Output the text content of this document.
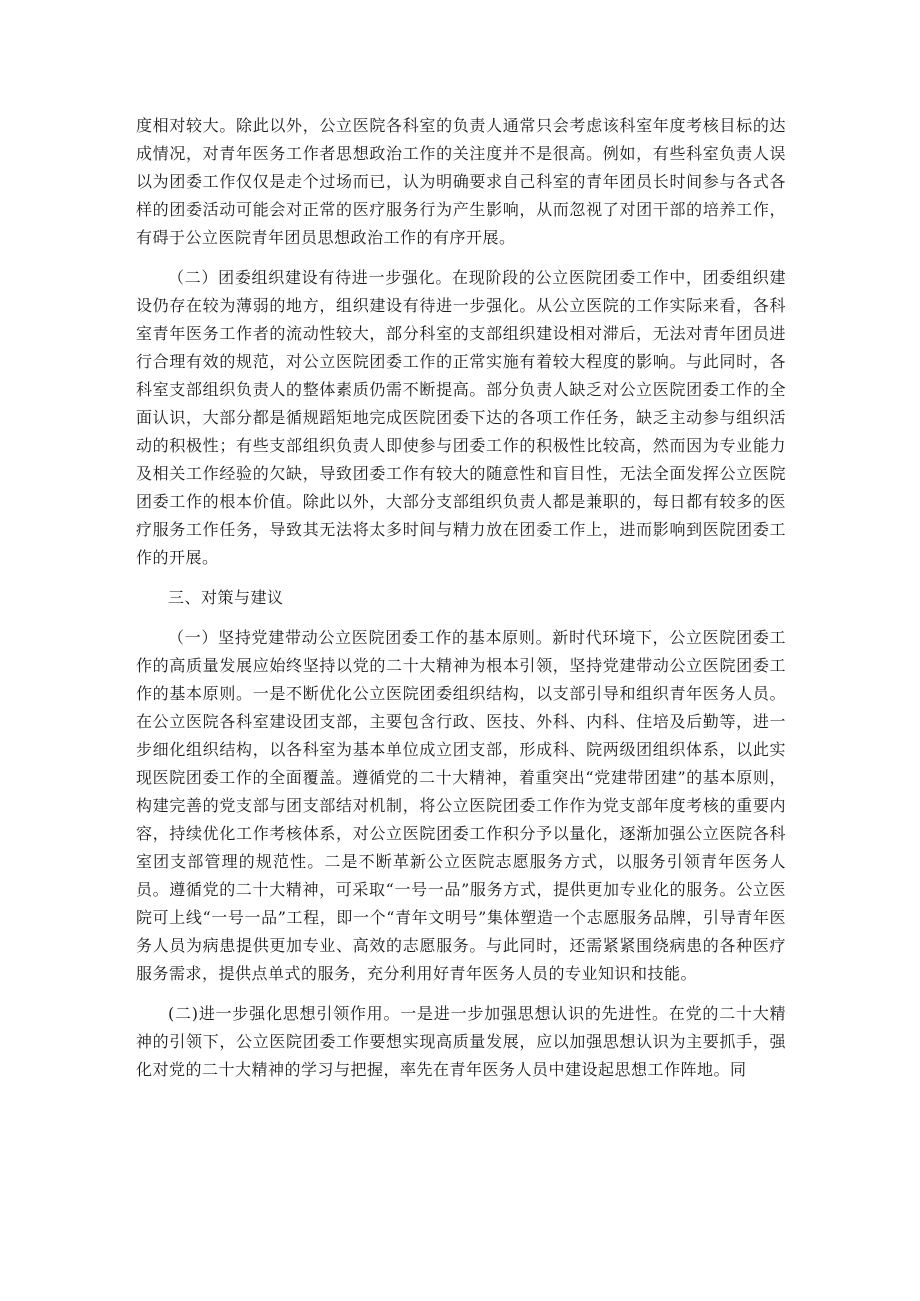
度相对较大。除此以外，公立医院各科室的负责人通常只会考虑该科室年度考核目标的达成情况，对青年医务工作者思想政治工作的关注度并不是很高。例如，有些科室负责人误以为团委工作仅仅是走个过场而已，认为明确要求自己科室的青年团员长时间参与各式各样的团委活动可能会对正常的医疗服务行为产生影响，从而忽视了对团干部的培养工作，有碍于公立医院青年团员思想政治工作的有序开展。

（二）团委组织建设有待进一步强化。在现阶段的公立医院团委工作中，团委组织建设仍存在较为薄弱的地方，组织建设有待进一步强化。从公立医院的工作实际来看，各科室青年医务工作者的流动性较大，部分科室的支部组织建设相对滞后，无法对青年团员进行合理有效的规范，对公立医院团委工作的正常实施有着较大程度的影响。与此同时，各科室支部组织负责人的整体素质仍需不断提高。部分负责人缺乏对公立医院团委工作的全面认识，大部分都是循规蹈矩地完成医院团委下达的各项工作任务，缺乏主动参与组织活动的积极性；有些支部组织负责人即使参与团委工作的积极性比较高，然而因为专业能力及相关工作经验的欠缺，导致团委工作有较大的随意性和盲目性，无法全面发挥公立医院团委工作的根本价值。除此以外，大部分支部组织负责人都是兼职的，每日都有较多的医疗服务工作任务，导致其无法将太多时间与精力放在团委工作上，进而影响到医院团委工作的开展。

三、对策与建议

（一）坚持党建带动公立医院团委工作的基本原则。新时代环境下，公立医院团委工作的高质量发展应始终坚持以党的二十大精神为根本引领，坚持党建带动公立医院团委工作的基本原则。一是不断优化公立医院团委组织结构，以支部引导和组织青年医务人员。在公立医院各科室建设团支部，主要包含行政、医技、外科、内科、住培及后勤等，进一步细化组织结构，以各科室为基本单位成立团支部，形成科、院两级团组织体系，以此实现医院团委工作的全面覆盖。遵循党的二十大精神，着重突出“党建带团建”的基本原则，构建完善的党支部与团支部结对机制，将公立医院团委工作作为党支部年度考核的重要内容，持续优化工作考核体系，对公立医院团委工作积分予以量化，逐渐加强公立医院各科室团支部管理的规范性。二是不断革新公立医院志愿服务方式，以服务引领青年医务人员。遵循党的二十大精神，可采取“一号一品”服务方式，提供更加专业化的服务。公立医院可上线“一号一品”工程，即一个“青年文明号”集体塑造一个志愿服务品牌，引导青年医务人员为病患提供更加专业、高效的志愿服务。与此同时，还需紧紧围绕病患的各种医疗服务需求，提供点单式的服务，充分利用好青年医务人员的专业知识和技能。

(二)进一步强化思想引领作用。一是进一步加强思想认识的先进性。在党的二十大精神的引领下，公立医院团委工作要想实现高质量发展，应以加强思想认识为主要抓手，强化对党的二十大精神的学习与把握，率先在青年医务人员中建设起思想工作阵地。同
